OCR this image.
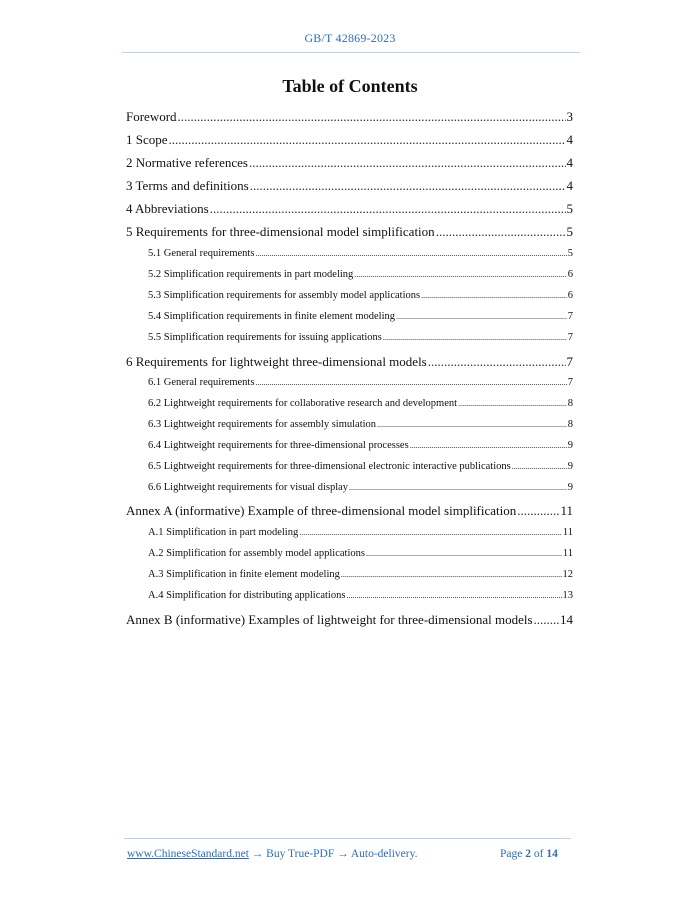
GB/T 42869-2023
Table of Contents
Foreword .....	3
1 Scope .....	4
2 Normative references .....	4
3 Terms and definitions .....	4
4 Abbreviations .....	5
5 Requirements for three-dimensional model simplification .....	5
5.1 General requirements .....	5
5.2 Simplification requirements in part modeling .....	6
5.3 Simplification requirements for assembly model applications .....	6
5.4 Simplification requirements in finite element modeling .....	7
5.5 Simplification requirements for issuing applications .....	7
6 Requirements for lightweight three-dimensional models .....	7
6.1 General requirements .....	7
6.2 Lightweight requirements for collaborative research and development .....	8
6.3 Lightweight requirements for assembly simulation .....	8
6.4 Lightweight requirements for three-dimensional processes .....	9
6.5 Lightweight requirements for three-dimensional electronic interactive publications .....	9
6.6 Lightweight requirements for visual display .....	9
Annex A (informative) Example of three-dimensional model simplification .....	11
A.1 Simplification in part modeling .....	11
A.2 Simplification for assembly model applications .....	11
A.3 Simplification in finite element modeling .....	12
A.4 Simplification for distributing applications .....	13
Annex B (informative) Examples of lightweight for three-dimensional models ..... 14
www.ChineseStandard.net → Buy True-PDF → Auto-delivery.	Page 2 of 14
